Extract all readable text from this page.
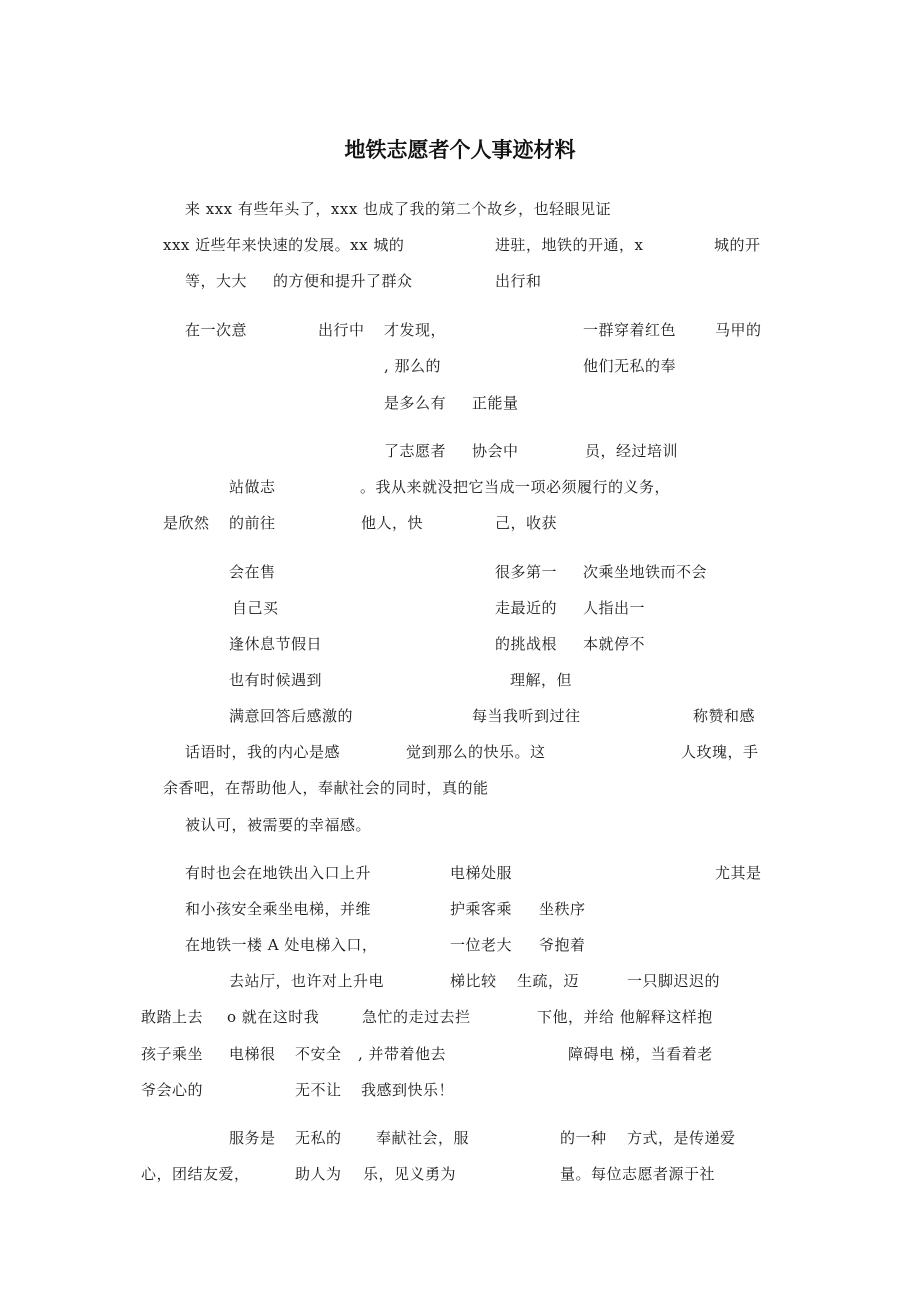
地铁志愿者个人事迹材料
来 xxx 有些年头了，xxx 也成了我的第二个故乡，也轻眼见证
xxx 近些年来快速的发展。xx 城的	进驻，地铁的开通，x	城的开
等，大大 的方便和提升了群众	出行和
在一次意	出行中 才发现，	一群穿着红色	马甲的
, 那么的	他们无私的奉
是多么有 正能量
了志愿者 协会中	员，经过培训
站做志	。我从来就没把它当成一项必须履行的义务，
是欣然 的前往	他人，快	己，收获
会在售	很多第一 次乘坐地铁而不会
自己买	走最近的 人指出一
逢休息节假日	的挑战根 本就停不
也有时候遇到	理解，但
满意回答后感激的	每当我听到过往	称赞和感
话语时，我的内心是感	觉到那么的快乐。这	人玫瑰，手
余香吧，在帮助他人，奉献社会的同时，真的能
被认可，被需要的幸福感。
有时也会在地铁出入口上升	电梯处服	尤其是
和小孩安全乘坐电梯，并维	护乘客乘 坐秩序
在地铁一楼 A 处电梯入口，	一位老大 爷抱着
去站厅，也许对上升电	梯比较 生疏，迈	一只脚迟迟的
敢踏上去 o 就在这时我	急忙的走过去拦	下他，并给 他解释这样抱
孩子乘坐 电梯很 不安全 , 并带着他去	障碍电 梯，当看着老
爷会心的	无不让 我感到快乐！
服务是 无私的 奉献社会，服	的一种 方式，是传递爱
心，团结友爱，	助人为 乐，见义勇为	量。每位志愿者源于社
